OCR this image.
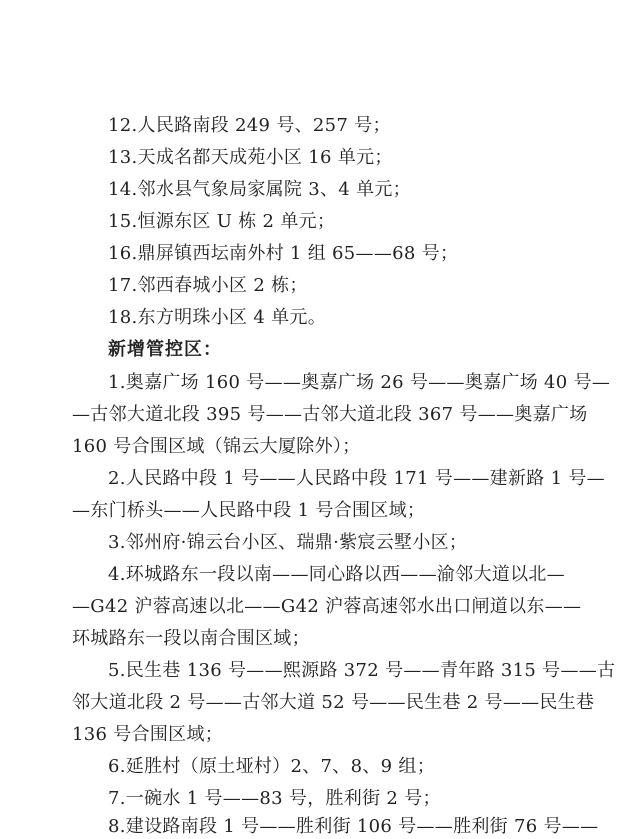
12.人民路南段 249 号、257 号；
13.天成名都天成苑小区 16 单元；
14.邻水县气象局家属院 3、4 单元；
15.恒源东区 U 栋 2 单元；
16.鼎屏镇西坛南外村 1 组 65——68 号；
17.邻西春城小区 2 栋；
18.东方明珠小区 4 单元。
新增管控区：
1.奥嘉广场 160 号——奥嘉广场 26 号——奥嘉广场 40 号—
—古邻大道北段 395 号——古邻大道北段 367 号——奥嘉广场
160 号合围区域（锦云大厦除外）；
2.人民路中段 1 号——人民路中段 171 号——建新路 1 号—
—东门桥头——人民路中段 1 号合围区域；
3.邻州府·锦云台小区、瑞鼎·紫宸云墅小区；
4.环城路东一段以南——同心路以西——渝邻大道以北—
—G42 沪蓉高速以北——G42 沪蓉高速邻水出口闸道以东——
环城路东一段以南合围区域；
5.民生巷 136 号——熙源路 372 号——青年路 315 号——古
邻大道北段 2 号——古邻大道 52 号——民生巷 2 号——民生巷
136 号合围区域；
6.延胜村（原土垭村）2、7、8、9 组；
7.一碗水 1 号——83 号，胜利街 2 号；
8.建设路南段 1 号——胜利街 106 号——胜利街 76 号——
